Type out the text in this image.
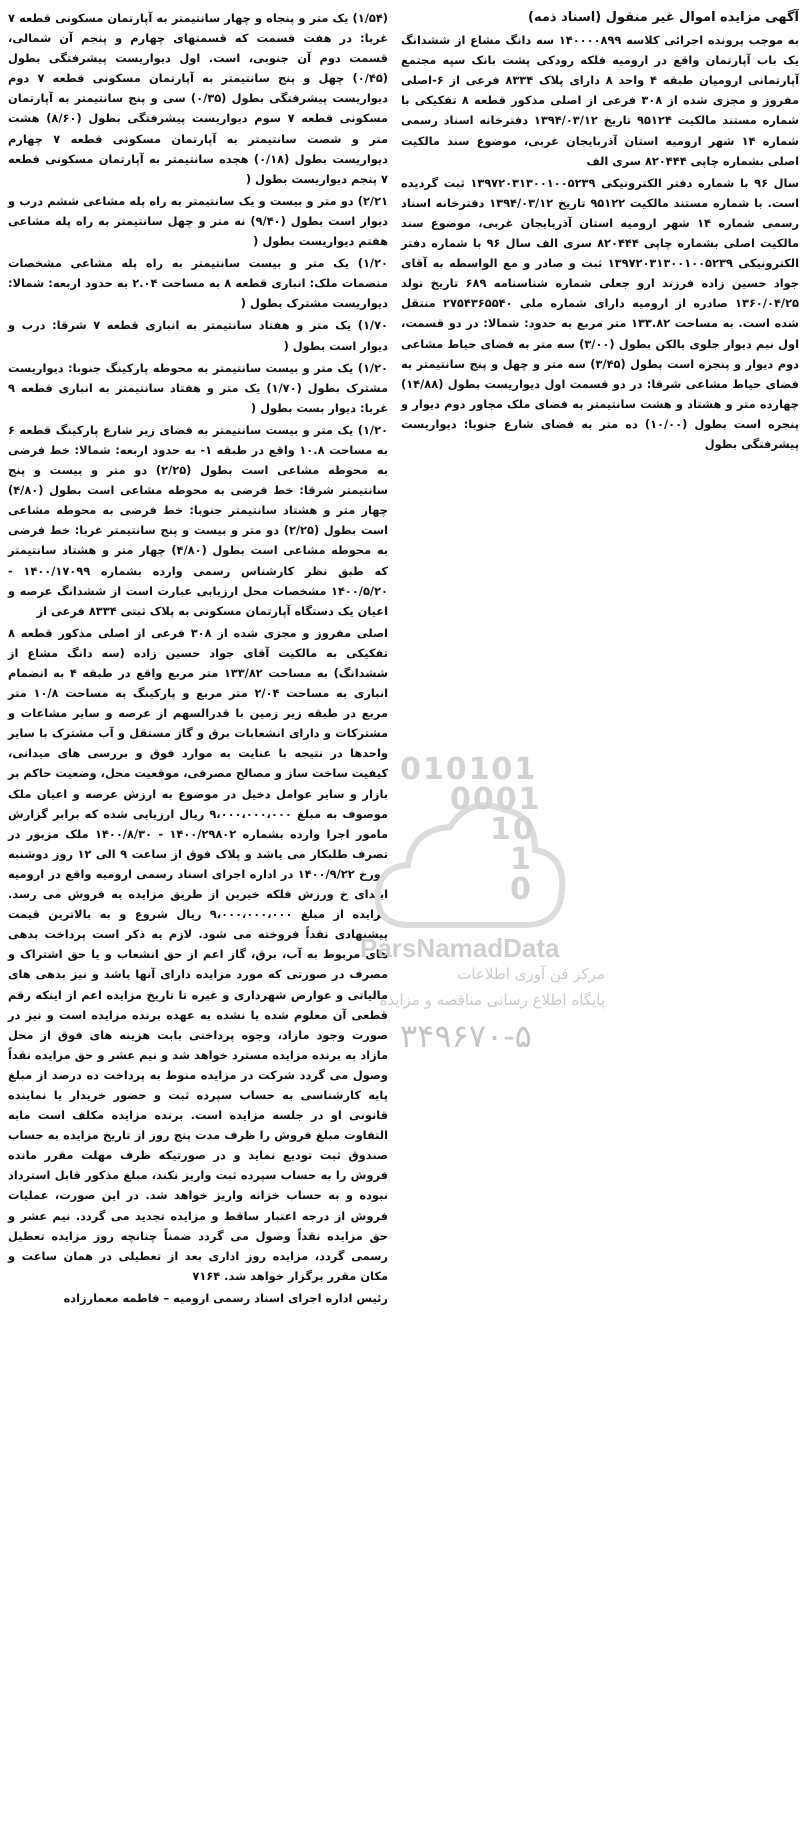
آگهی مزایده اموال غیر منقول (اسناد ذمه)

به موجب پرونده اجرائی کلاسه ۱۴۰۰۰۰۸۹۹ سه دانگ مشاع از ششدانگ یک باب آپارتمان واقع در ارومیه فلکه رودکی پشت بانک سپه مجتمع آپارتمانی ارومیان طبقه ۴ واحد ۸ دارای پلاک ۸۳۳۴ فرعی از ۶-اصلی مفروز و مجزی شده از ۳۰۸ فرعی از اصلی مذکور قطعه ۸ تفکیکی با شماره مستند مالکیت ۹۵۱۲۴ تاریخ ۱۳۹۴/۰۳/۱۲ دفترخانه اسناد رسمی شماره ۱۴ شهر ارومیه استان آذربایجان غربی، موضوع سند مالکیت اصلی بشماره چاپی ۸۲۰۴۴۴ سری الف

سال ۹۶ با شماره دفتر الکترونیکی ۱۳۹۷۲۰۳۱۳۰۰۱۰۰۵۲۳۹ ثبت گردیده است. با شماره مستند مالکیت ۹۵۱۲۲ تاریخ ۱۳۹۴/۰۳/۱۲ دفترخانه اسناد رسمی شماره ۱۴ شهر ارومیه استان آذربایجان غربی، موضوع سند مالکیت اصلی بشماره چاپی ۸۲۰۴۴۴ سری الف سال ۹۶ با شماره دفتر الکترونیکی ۱۳۹۷۲۰۳۱۳۰۰۱۰۰۵۲۳۹ ثبت و صادر و مع الواسطه به آقای جواد حسین زاده فرزند ارو جعلی شماره شناسنامه ۶۸۹ تاریخ تولد ۱۳۶۰/۰۴/۲۵ صادره از ارومیه دارای شماره ملی ۲۷۵۴۳۶۵۵۴۰ منتقل شده است. به مساحت ۱۳۳.۸۲ متر مربع به حدود: شمالا: در دو قسمت، اول نیم دیوار جلوی بالکن بطول (۳/۰۰) سه متر به فضای حیاط مشاعی دوم دیوار و پنجره است بطول (۳/۴۵) سه متر و چهل و پنج سانتیمتر به فضای حیاط مشاعی شرقا: در دو قسمت اول دیواریست بطول (۱۴/۸۸) چهارده متر و هشتاد و هشت سانتیمتر به فضای ملک مجاور دوم دیوار و پنجره است بطول (۱۰/۰۰) ده متر به فضای شارع جنوبا: دیواریست پیشرفتگی بطول

(۱/۵۴) یک متر و پنجاه و چهار سانتیمتر به آپارتمان مسکونی قطعه ۷ غربا: در هفت قسمت که قسمتهای چهارم و پنجم آن شمالی، قسمت دوم آن جنوبی، است. اول دیواریست پیشرفتگی بطول (۰/۴۵) چهل و پنج سانتیمتر به آپارتمان مسکونی قطعه ۷ دوم دیواریست پیشرفتگی بطول (۰/۳۵) سی و پنج سانتیمتر به آپارتمان مسکونی قطعه ۷ سوم دیواریست پیشرفتگی بطول (۸/۶۰) هشت متر و شصت سانتیمتر به آپارتمان مسکونی قطعه ۷ چهارم دیواریست بطول (۰/۱۸) هجده سانتیمتر به آپارتمان مسکونی قطعه ۷ پنجم دیواریست بطول (

۲/۲۱) دو متر و بیست و یک سانتیمتر به راه پله مشاعی ششم درب و دیوار است بطول (۹/۴۰) نه متر و چهل سانتیمتر به راه پله مشاعی هفتم دیواریست بطول (

۱/۲۰) یک متر و بیست سانتیمتر به راه پله مشاعی مشخصات منضمات ملک: انباری قطعه ۸ به مساحت ۲.۰۴ به حدود اربعه: شمالا: دیواریست مشترک بطول (

۱/۷۰) یک متر و هفتاد سانتیمتر به انباری قطعه ۷ شرقا: درب و دیوار است بطول (

۱/۲۰) یک متر و بیست سانتیمتر به محوطه پارکینگ جنوبا: دیواریست مشترک بطول (۱/۷۰) یک متر و هفتاد سانتیمتر به انباری قطعه ۹ غربا: دیوار بست بطول (

۱/۲۰) یک متر و بیست سانتیمتر به فضای زیر شارع پارکینگ قطعه ۶ به مساحت ۱۰.۸ واقع در طبقه ۱- به حدود اربعه: شمالا: خط فرضی به محوطه مشاعی است بطول (۲/۲۵) دو متر و بیست و پنج سانتیمتر شرقا: خط فرضی به محوطه مشاعی است بطول (۴/۸۰) چهار متر و هشتاد سانتیمتر جنوبا: خط فرضی به محوطه مشاعی است بطول (۲/۲۵) دو متر و بیست و پنج سانتیمتر غربا: خط فرضی به محوطه مشاعی است بطول (۴/۸۰) چهار متر و هشتاد سانتیمتر که طبق نظر کارشناس رسمی وارده بشماره ۱۴۰۰/۱۷۰۹۹ - ۱۴۰۰/۵/۲۰ مشخصات محل ارزیابی عبارت است از ششدانگ عرصه و اعیان یک دستگاه آپارتمان مسکونی به پلاک ثبتی ۸۳۳۴ فرعی از

اصلی مفروز و مجزی شده از ۳۰۸ فرعی از اصلی مذکور قطعه ۸ تفکیکی به مالکیت آقای جواد حسین زاده (سه دانگ مشاع از ششدانگ) به مساحت ۱۳۳/۸۲ متر مربع واقع در طبقه ۴ به انضمام انباری به مساحت ۲/۰۴ متر مربع و پارکینگ به مساحت ۱۰/۸ متر مربع در طبقه زیر زمین با قدرالسهم از عرصه و سایر مشاعات و مشترکات و دارای انشعابات برق و گاز مستقل و آب مشترک با سایر واحدها در نتیجه با عنایت به موارد فوق و بررسی های میدانی، کیفیت ساخت ساز و مصالح مصرفی، موقعیت محل، وضعیت حاکم بر بازار و سایر عوامل دخیل در موضوع به ارزش عرصه و اعیان ملک موصوف به مبلغ ۹،۰۰۰،۰۰۰،۰۰۰ ریال ارزیابی شده که برابر گزارش مامور اجرا وارده بشماره ۱۴۰۰/۲۹۸۰۲ - ۱۴۰۰/۸/۳۰ ملک مزبور در تصرف طلبکار می باشد و پلاک فوق از ساعت ۹ الی ۱۲ روز دوشنبه مورخ ۱۴۰۰/۹/۲۲ در اداره اجرای اسناد رسمی ارومیه واقع در ارومیه ابتدای خ ورزش فلکه خیرین از طریق مزایده به فروش می رسد. مزایده از مبلغ ۹،۰۰۰،۰۰۰،۰۰۰ ریال شروع و به بالاترین قیمت پیشنهادی نقداً فروخته می شود. لازم به ذکر است پرداخت بدهی های مربوط به آب، برق، گاز اعم از حق انشعاب و یا حق اشتراک و مصرف در صورتی که مورد مزایده دارای آنها باشد و نیز بدهی های مالیاتی و عوارض شهرداری و غیره تا تاریخ مزایده اعم از اینکه رقم قطعی آن معلوم شده یا نشده به عهده برنده مزایده است و نیز در صورت وجود مازاد، وجوه پرداختی بابت هزینه های فوق از محل مازاد به برنده مزایده مسترد خواهد شد و نیم عشر و حق مزایده نقداً وصول می گردد شرکت در مزایده منوط به پرداخت ده درصد از مبلغ پایه کارشناسی به حساب سپرده ثبت و حضور خریدار یا نماینده قانونی او در جلسه مزایده است. برنده مزایده مکلف است مابه التفاوت مبلغ فروش را ظرف مدت پنج روز از تاریخ مزایده به حساب صندوق ثبت تودیع نماید و در صورتیکه ظرف مهلت مقرر مانده فروش را به حساب سپرده ثبت واریز نکند، مبلغ مذکور قابل استرداد نبوده و به حساب خزانه واریز خواهد شد. در این صورت، عملیات فروش از درجه اعتبار ساقط و مزایده تجدید می گردد. نیم عشر و حق مزایده نقداً وصول می گردد ضمناً چنانچه روز مزایده تعطیل رسمی گردد، مزایده روز اداری بعد از تعطیلی در همان ساعت و مکان مقرر برگزار خواهد شد. ۷۱۶۴

رئیس اداره اجرای اسناد رسمی ارومیه – فاطمه معمارزاده

010101
0001
10
1
0
ParsNamadData
مرکز فن آوری اطلاعات
پایگاه اطلاع رسانی مناقصه و مزایده
۳۴۹۶۷۰-۵
